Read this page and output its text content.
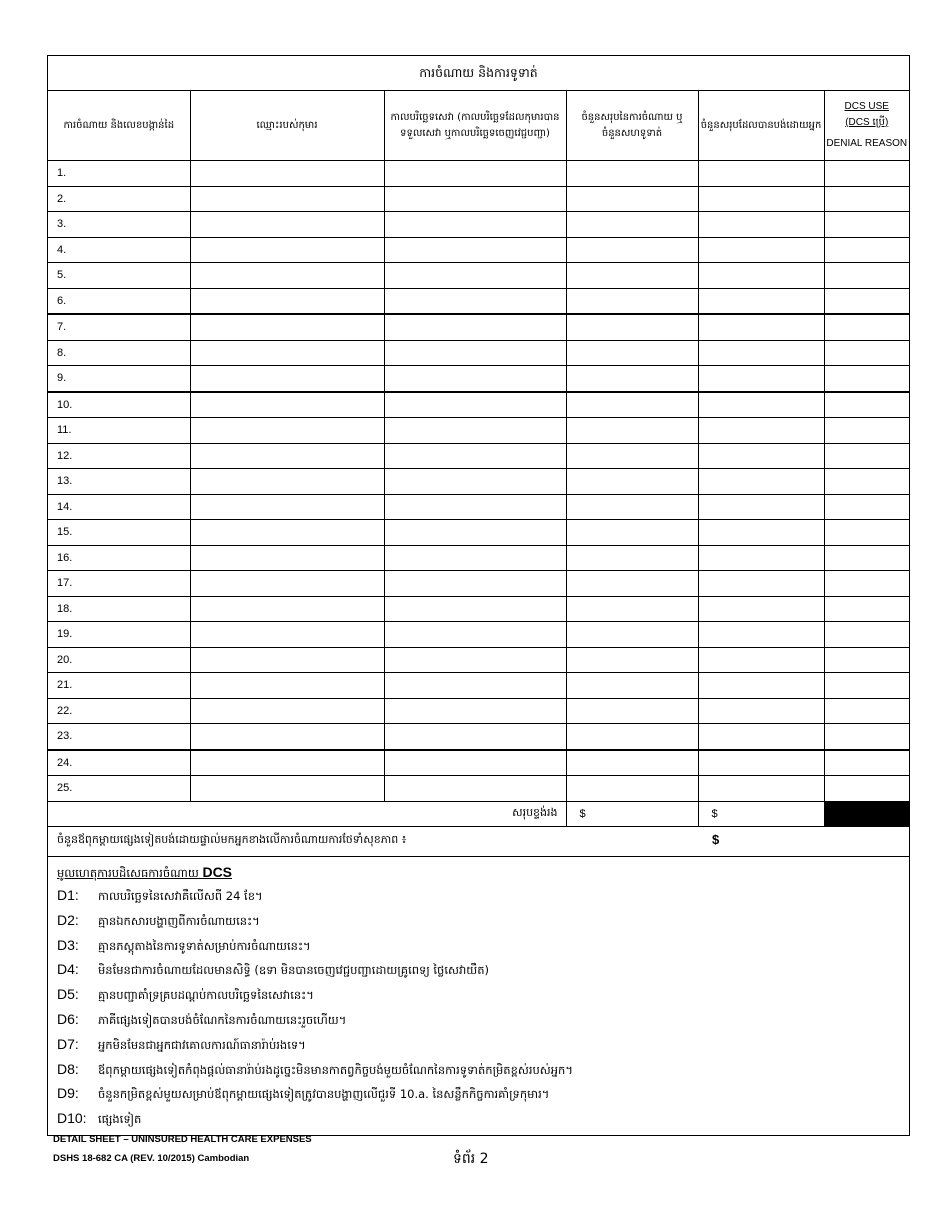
ការចំណាយ និងការទូទាត់
ការចំណាយ និងលេខបង្កាន់ដៃ	ឈ្មោះរបស់កុមារ	កាលបរិច្ឆេទសេវា (កាលបរិច្ឆេទដែលកុមារបានទទួលសេវា ឬកាលបរិច្ឆេទចេញវេជ្ជបញ្ជា)	ចំនួនសរុបនៃការចំណាយ ឬចំនួនសហទូទាត់	ចំនួនសរុបដែលបានបង់ដោយអ្នក	DCS USE
(DCS ប្រើ)
DENIAL REASON
1.					
2.					
3.					
4.					
5.					
6.					
7.					
8.					
9.					
10.					
11.					
12.					
13.					
14.					
15.					
16.					
17.					
18.					
19.					
20.					
21.					
22.					
23.					
24.					
25.					
សរុបខ្ទង់រង			$	$	
ចំនួនឪពុកម្តាយផ្សេងទៀតបង់ដោយផ្ទាល់មកអ្នកខាងលើការចំណាយការថែទាំសុខភាព ៖	$
មូលហេតុការបដិសេធការចំណាយ DCS
D1: កាលបរិច្ឆេទនៃសេវាគឺលើសពី 24 ខែ។
D2: គ្មានឯកសារបង្ហាញពីការចំណាយនេះ។
D3: គ្មានភស្តុតាងនៃការទូទាត់សម្រាប់ការចំណាយនេះ។
D4: មិនមែនជាការចំណាយដែលមានសិទ្ធិ (ឧទា មិនបានចេញវេជ្ជបញ្ជាដោយគ្រូពេទ្យ ថ្លៃសេវាយឺត)
D5: គ្មានបញ្ជាគាំទ្រគ្របដណ្តប់កាលបរិច្ឆេទនៃសេវានេះ។
D6: ភាគីផ្សេងទៀតបានបង់ចំណែកនៃការចំណាយនេះរួចហើយ។
D7: អ្នកមិនមែនជាអ្នកជាវគោលការណ៍ធានារ៉ាប់រងទេ។
D8: ឪពុកម្តាយផ្សេងទៀតកំពុងផ្តល់ធានារ៉ាប់រងដូច្នេះមិនមានកាតព្វកិច្ចបង់មួយចំណែកនៃការទូទាត់កម្រិតខ្ពស់របស់អ្នក។
D9: ចំនួនកម្រិតខ្ពស់មួយសម្រាប់ឪពុកម្តាយផ្សេងទៀតត្រូវបានបង្ហាញលើជួរទី 10.a. នៃសន្លឹកកិច្ចការគាំទ្រកុមារ។
D10: ផ្សេងទៀត
DETAIL SHEET – UNINSURED HEALTH CARE EXPENSES
DSHS 18-682 CA (REV. 10/2015) Cambodian	ទំព័រ 2
